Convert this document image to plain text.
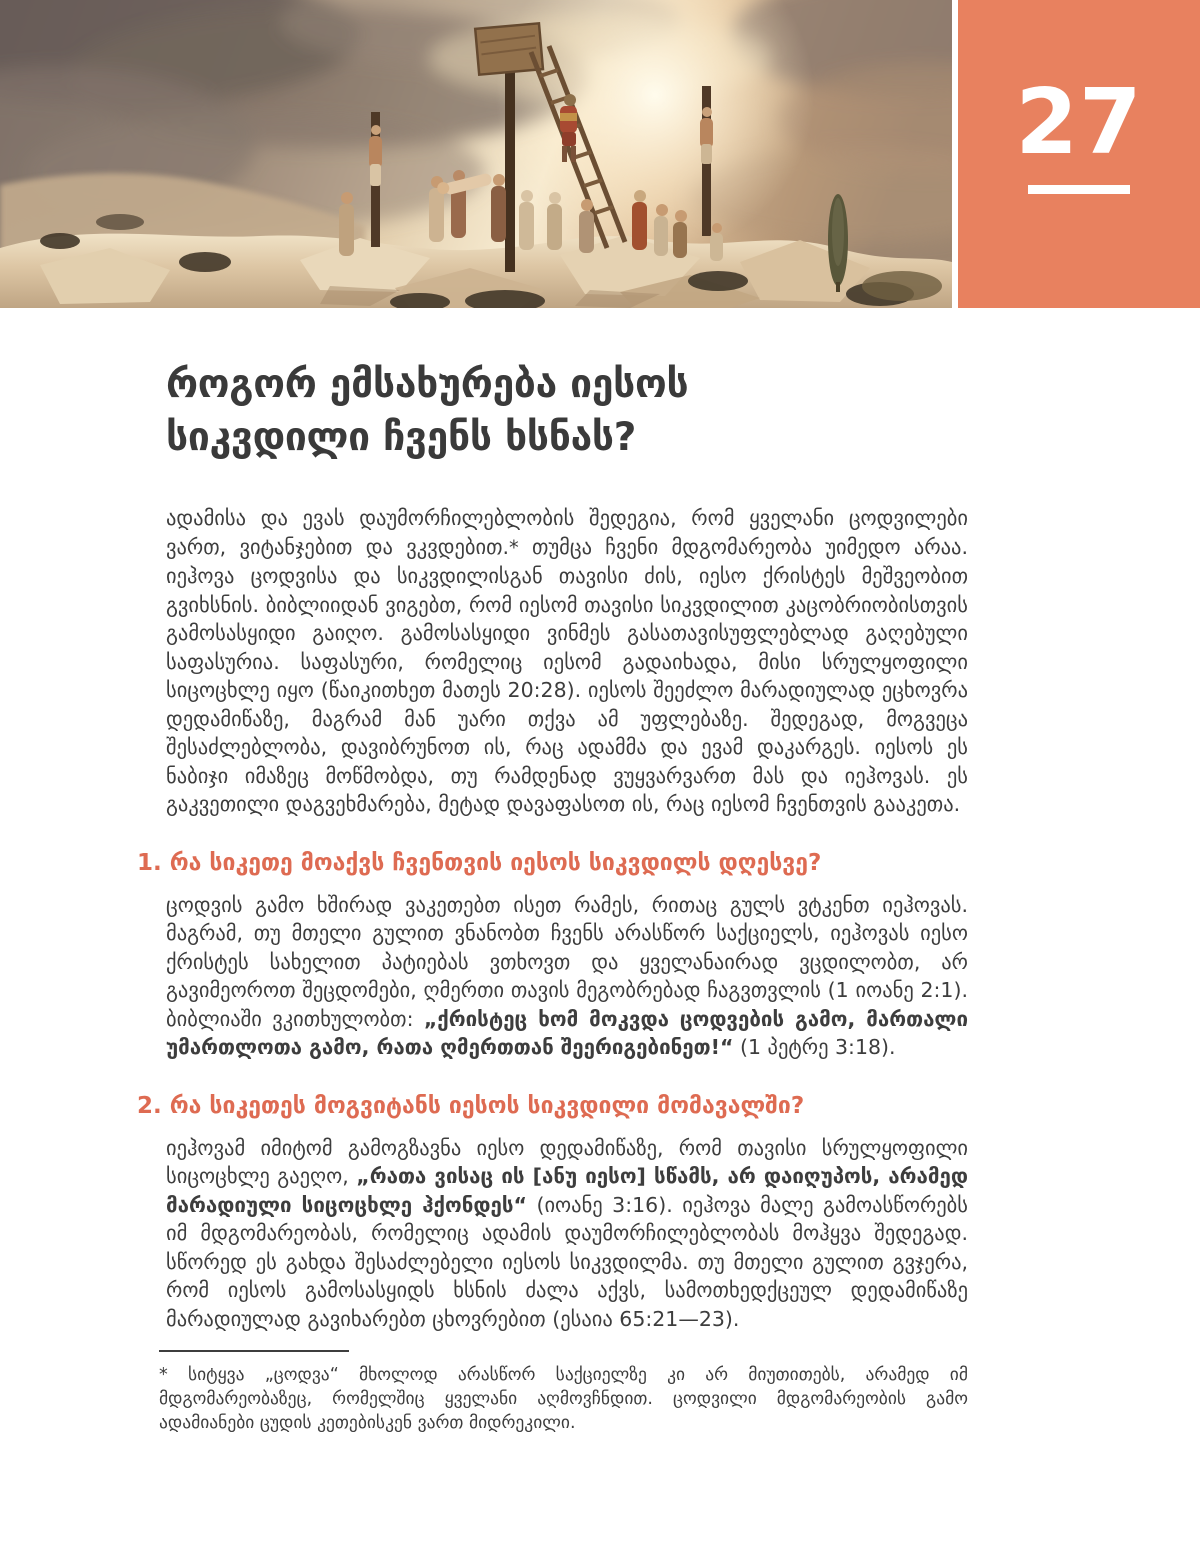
27
როგორ ემსახურება იესოს
სიკვდილი ჩვენს ხსნას?

ადამისა და ევას დაუმორჩილებლობის შედეგია, რომ ყველანი ცოდვილები ვართ, ვიტანჯებით და ვკვდებით.* თუმცა ჩვენი მდგომარეობა უიმედო არაა. იეჰოვა ცოდვისა და სიკვდილისგან თავისი ძის, იესო ქრისტეს მეშვეობით გვიხსნის. ბიბლიიდან ვიგებთ, რომ იესომ თავისი სიკვდილით კაცობრიობისთვის გამოსასყიდი გაიღო. გამოსასყიდი ვინმეს გასათავისუფლებლად გაღებული საფასურია. საფასური, რომელიც იესომ გადაიხადა, მისი სრულყოფილი სიცოცხლე იყო (წაიკითხეთ მათეს 20:28). იესოს შეეძლო მარადიულად ეცხოვრა დედამიწაზე, მაგრამ მან უარი თქვა ამ უფლებაზე. შედეგად, მოგვეცა შესაძლებლობა, დავიბრუნოთ ის, რაც ადამმა და ევამ დაკარგეს. იესოს ეს ნაბიჯი იმაზეც მოწმობდა, თუ რამდენად ვუყვარვართ მას და იეჰოვას. ეს გაკვეთილი დაგვეხმარება, მეტად დავაფასოთ ის, რაც იესომ ჩვენთვის გააკეთა.

1. რა სიკეთე მოაქვს ჩვენთვის იესოს სიკვდილს დღესვე?

ცოდვის გამო ხშირად ვაკეთებთ ისეთ რამეს, რითაც გულს ვტკენთ იეჰოვას. მაგრამ, თუ მთელი გულით ვნანობთ ჩვენს არასწორ საქციელს, იეჰოვას იესო ქრისტეს სახელით პატიებას ვთხოვთ და ყველანაირად ვცდილობთ, არ გავიმეოროთ შეცდომები, ღმერთი თავის მეგობრებად ჩაგვთვლის (1 იოანე 2:1). ბიბლიაში ვკითხულობთ: „ქრისტეც ხომ მოკვდა ცოდვების გამო, მართალი უმართლოთა გამო, რათა ღმერთთან შეერიგებინეთ!“ (1 პეტრე 3:18).

2. რა სიკეთეს მოგვიტანს იესოს სიკვდილი მომავალში?

იეჰოვამ იმიტომ გამოგზავნა იესო დედამიწაზე, რომ თავისი სრულყოფილი სიცოცხლე გაეღო, „რათა ვისაც ის [ანუ იესო] სწამს, არ დაიღუპოს, არამედ მარადიული სიცოცხლე ჰქონდეს“ (იოანე 3:16). იეჰოვა მალე გამოასწორებს იმ მდგომარეობას, რომელიც ადამის დაუმორჩილებლობას მოჰყვა შედეგად. სწორედ ეს გახდა შესაძლებელი იესოს სიკვდილმა. თუ მთელი გულით გვჯერა, რომ იესოს გამოსასყიდს ხსნის ძალა აქვს, სამოთხედქცეულ დედამიწაზე მარადიულად გავიხარებთ ცხოვრებით (ესაია 65:21—23).

* სიტყვა „ცოდვა“ მხოლოდ არასწორ საქციელზე კი არ მიუთითებს, არამედ იმ მდგომარეობაზეც, რომელშიც ყველანი აღმოვჩნდით. ცოდვილი მდგომარეობის გამო ადამიანები ცუდის კეთებისკენ ვართ მიდრეკილი.
